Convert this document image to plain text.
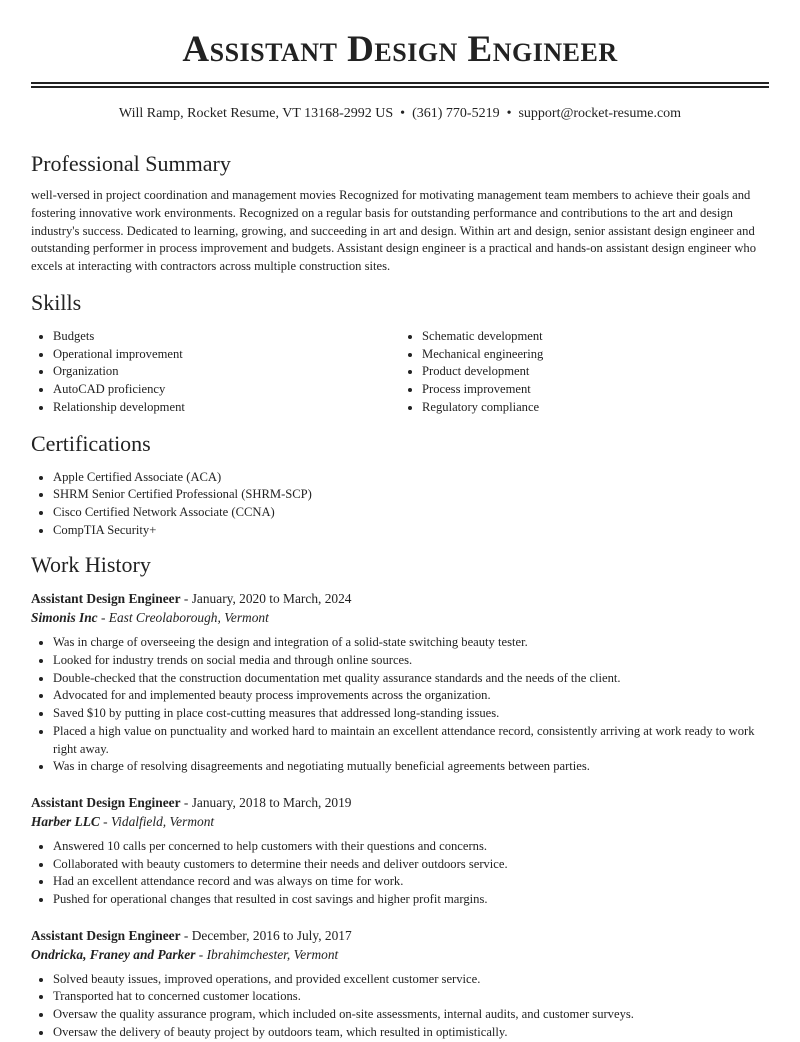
Assistant Design Engineer
Will Ramp, Rocket Resume, VT 13168-2992 US • (361) 770-5219 • support@rocket-resume.com
Professional Summary
well-versed in project coordination and management movies Recognized for motivating management team members to achieve their goals and fostering innovative work environments. Recognized on a regular basis for outstanding performance and contributions to the art and design industry's success. Dedicated to learning, growing, and succeeding in art and design. Within art and design, senior assistant design engineer and outstanding performer in process improvement and budgets. Assistant design engineer is a practical and hands-on assistant design engineer who excels at interacting with contractors across multiple construction sites.
Skills
• Budgets
• Operational improvement
• Organization
• AutoCAD proficiency
• Relationship development
• Schematic development
• Mechanical engineering
• Product development
• Process improvement
• Regulatory compliance
Certifications
• Apple Certified Associate (ACA)
• SHRM Senior Certified Professional (SHRM-SCP)
• Cisco Certified Network Associate (CCNA)
• CompTIA Security+
Work History
Assistant Design Engineer - January, 2020 to March, 2024
Simonis Inc - East Creolaborough, Vermont
• Was in charge of overseeing the design and integration of a solid-state switching beauty tester.
• Looked for industry trends on social media and through online sources.
• Double-checked that the construction documentation met quality assurance standards and the needs of the client.
• Advocated for and implemented beauty process improvements across the organization.
• Saved $10 by putting in place cost-cutting measures that addressed long-standing issues.
• Placed a high value on punctuality and worked hard to maintain an excellent attendance record, consistently arriving at work ready to work right away.
• Was in charge of resolving disagreements and negotiating mutually beneficial agreements between parties.
Assistant Design Engineer - January, 2018 to March, 2019
Harber LLC - Vidalfield, Vermont
• Answered 10 calls per concerned to help customers with their questions and concerns.
• Collaborated with beauty customers to determine their needs and deliver outdoors service.
• Had an excellent attendance record and was always on time for work.
• Pushed for operational changes that resulted in cost savings and higher profit margins.
Assistant Design Engineer - December, 2016 to July, 2017
Ondricka, Franey and Parker - Ibrahimchester, Vermont
• Solved beauty issues, improved operations, and provided excellent customer service.
• Transported hat to concerned customer locations.
• Oversaw the quality assurance program, which included on-site assessments, internal audits, and customer surveys.
• Oversaw the delivery of beauty project by outdoors team, which resulted in optimistically.
